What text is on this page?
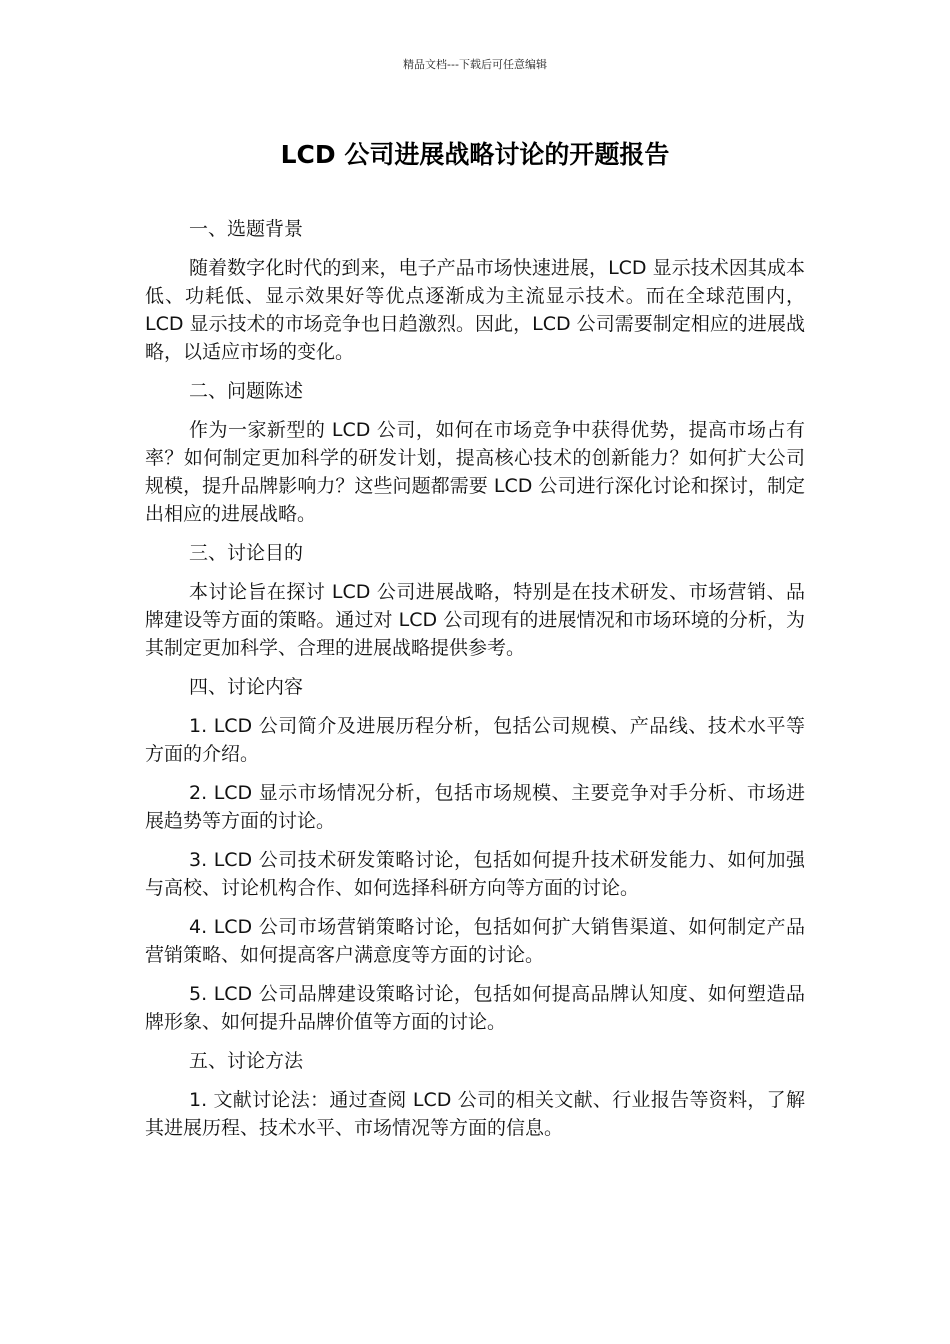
精品文档---下载后可任意编辑
LCD 公司进展战略讨论的开题报告
一、选题背景

随着数字化时代的到来，电子产品市场快速进展，LCD 显示技术因其成本低、功耗低、显示效果好等优点逐渐成为主流显示技术。而在全球范围内，LCD 显示技术的市场竞争也日趋激烈。因此，LCD 公司需要制定相应的进展战略，以适应市场的变化。

二、问题陈述

作为一家新型的 LCD 公司，如何在市场竞争中获得优势，提高市场占有率？如何制定更加科学的研发计划，提高核心技术的创新能力？如何扩大公司规模，提升品牌影响力？这些问题都需要 LCD 公司进行深化讨论和探讨，制定出相应的进展战略。

三、讨论目的

本讨论旨在探讨 LCD 公司进展战略，特别是在技术研发、市场营销、品牌建设等方面的策略。通过对 LCD 公司现有的进展情况和市场环境的分析，为其制定更加科学、合理的进展战略提供参考。

四、讨论内容

1. LCD 公司简介及进展历程分析，包括公司规模、产品线、技术水平等方面的介绍。

2. LCD 显示市场情况分析，包括市场规模、主要竞争对手分析、市场进展趋势等方面的讨论。

3. LCD 公司技术研发策略讨论，包括如何提升技术研发能力、如何加强与高校、讨论机构合作、如何选择科研方向等方面的讨论。

4. LCD 公司市场营销策略讨论，包括如何扩大销售渠道、如何制定产品营销策略、如何提高客户满意度等方面的讨论。

5. LCD 公司品牌建设策略讨论，包括如何提高品牌认知度、如何塑造品牌形象、如何提升品牌价值等方面的讨论。

五、讨论方法

1. 文献讨论法：通过查阅 LCD 公司的相关文献、行业报告等资料，了解其进展历程、技术水平、市场情况等方面的信息。
